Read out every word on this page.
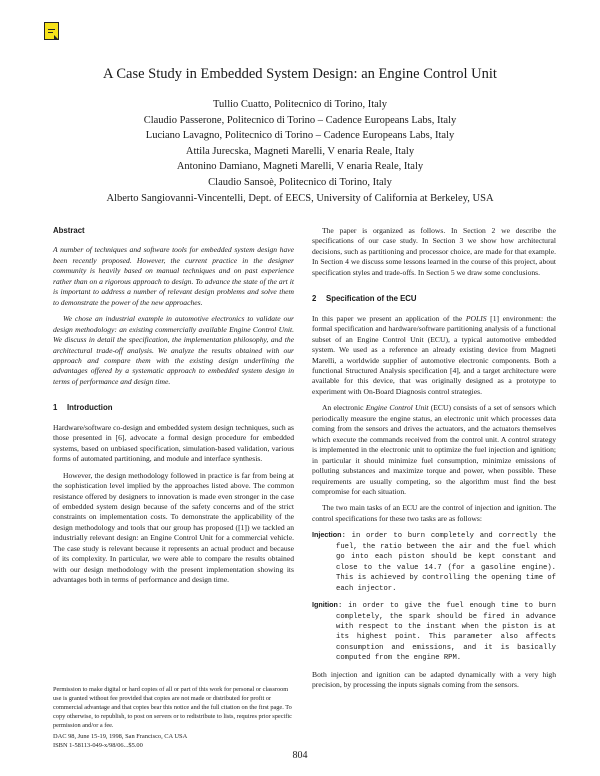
A Case Study in Embedded System Design: an Engine Control Unit
Tullio Cuatto, Politecnico di Torino, Italy
Claudio Passerone, Politecnico di Torino – Cadence Europeans Labs, Italy
Luciano Lavagno, Politecnico di Torino – Cadence Europeans Labs, Italy
Attila Jurecska, Magneti Marelli, V enaria Reale, Italy
Antonino Damiano, Magneti Marelli, V enaria Reale, Italy
Claudio Sansoè, Politecnico di Torino, Italy
Alberto Sangiovanni-Vincentelli, Dept. of EECS, University of California at Berkeley, USA
Abstract

A number of techniques and software tools for embedded system design have been recently proposed. However, the current practice in the designer community is heavily based on manual techniques and on past experience rather than on a rigorous approach to design. To advance the state of the art it is important to address a number of relevant design problems and solve them to demonstrate the power of the new approaches.

We chose an industrial example in automotive electronics to validate our design methodology: an existing commercially available Engine Control Unit. We discuss in detail the specification, the implementation philosophy, and the architectural trade-off analysis. We analyze the results obtained with our approach and compare them with the existing design underlining the advantages offered by a systematic approach to embedded system design in terms of performance and design time.

1 Introduction

Hardware/software co-design and embedded system design techniques, such as those presented in [6], advocate a formal design procedure for embedded systems, based on unbiased specification, simulation-based validation, various forms of automated partitioning, and module and interface synthesis.

However, the design methodology followed in practice is far from being at the sophistication level implied by the approaches listed above. The common resistance offered by designers to innovation is made even stronger in the case of embedded system design because of the safety concerns and of the strict constraints on implementation costs. To demonstrate the applicability of the design methodology and tools that our group has proposed ([1]) we tackled an industrially relevant design: an Engine Control Unit for a commercial vehicle. The case study is relevant because it represents an actual product and because of its complexity. In particular, we were able to compare the results obtained with our design methodology with the present implementation showing its advantages both in terms of performance and design time.

Permission to make digital or hard copies of all or part of this work for personal or classroom use is granted without fee provided that copies are not made or distributed for profit or commercial advantage and that copies bear this notice and the full citation on the first page. To copy otherwise, to republish, to post on servers or to redistribute to lists, requires prior specific permission and/or a fee.
DAC 98, June 15-19, 1998, San Francisco, CA USA
ISBN 1-58113-049-x/98/06...$5.00

The paper is organized as follows. In Section 2 we describe the specifications of our case study. In Section 3 we show how architectural decisions, such as partitioning and processor choice, are made for that example. In Section 4 we discuss some lessons learned in the course of this project, about specification styles and trade-offs. In Section 5 we draw some conclusions.

2 Specification of the ECU

In this paper we present an application of the POLIS [1] environment: the formal specification and hardware/software partitioning analysis of a functional subset of an Engine Control Unit (ECU), a typical automotive embedded system. We used as a reference an already existing device from Magneti Marelli, a worldwide supplier of automotive electronic components. Both a functional Structured Analysis specification [4], and a target architecture were available for this device, that was originally designed as a prototype to experiment with On-Board Diagnosis control strategies.

An electronic Engine Control Unit (ECU) consists of a set of sensors which periodically measure the engine status, an electronic unit which processes data coming from the sensors and drives the actuators, and the actuators themselves which execute the commands received from the control unit. A control strategy is implemented in the electronic unit to optimize the fuel injection and ignition; in particular it should minimize fuel consumption, minimize emissions of polluting substances and maximize torque and power, when possible. These requirements are usually competing, so the algorithm must find the best compromise for each situation.

The two main tasks of an ECU are the control of injection and ignition. The control specifications for these two tasks are as follows:

Injection: in order to burn completely and correctly the fuel, the ratio between the air and the fuel which go into each piston should be kept constant and close to the value 14.7 (for a gasoline engine). This is achieved by controlling the opening time of each injector.

Ignition: in order to give the fuel enough time to burn completely, the spark should be fired in advance with respect to the instant when the piston is at its highest point. This parameter also affects consumption and emissions, and it is basically computed from the engine RPM.

Both injection and ignition can be adapted dynamically with a very high precision, by processing the inputs signals coming from the sensors.

804
